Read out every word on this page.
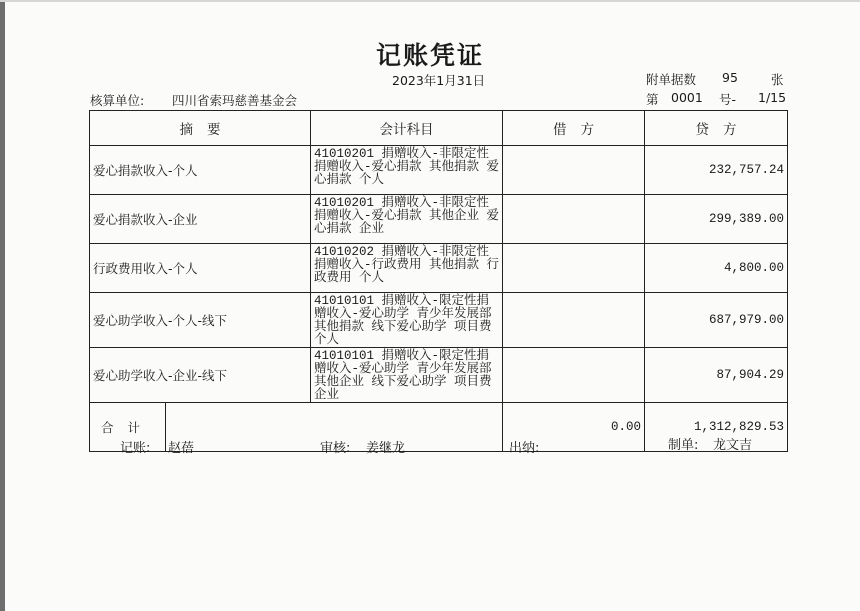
记账凭证
2023年1月31日	附单据数 95	张
核算单位: 四川省索玛慈善基金会	第 0001 号- 1/15
摘要		会计科目	借方	贷方
爱心捐款收入-个人		41010201 捐赠收入-非限定性捐赠收入-爱心捐款 其他捐款 爱心捐款 个人		232,757.24
爱心捐款收入-企业		41010201 捐赠收入-非限定性捐赠收入-爱心捐款 其他企业 爱心捐款 企业		299,389.00
行政费用收入-个人		41010202 捐赠收入-非限定性捐赠收入-行政费用 其他捐款 行政费用 个人		4,800.00
爱心助学收入-个人-线下		41010101 捐赠收入-限定性捐赠收入-爱心助学 青少年发展部 其他捐款 线下爱心助学 项目费 个人		687,979.00
爱心助学收入-企业-线下		41010101 捐赠收入-限定性捐赠收入-爱心助学 青少年发展部 其他企业 线下爱心助学 项目费 企业		87,904.29
合计			0.00	1,312,829.53
记账: 赵蓓	审核: 姜继龙	出纳:	制单: 龙文吉
